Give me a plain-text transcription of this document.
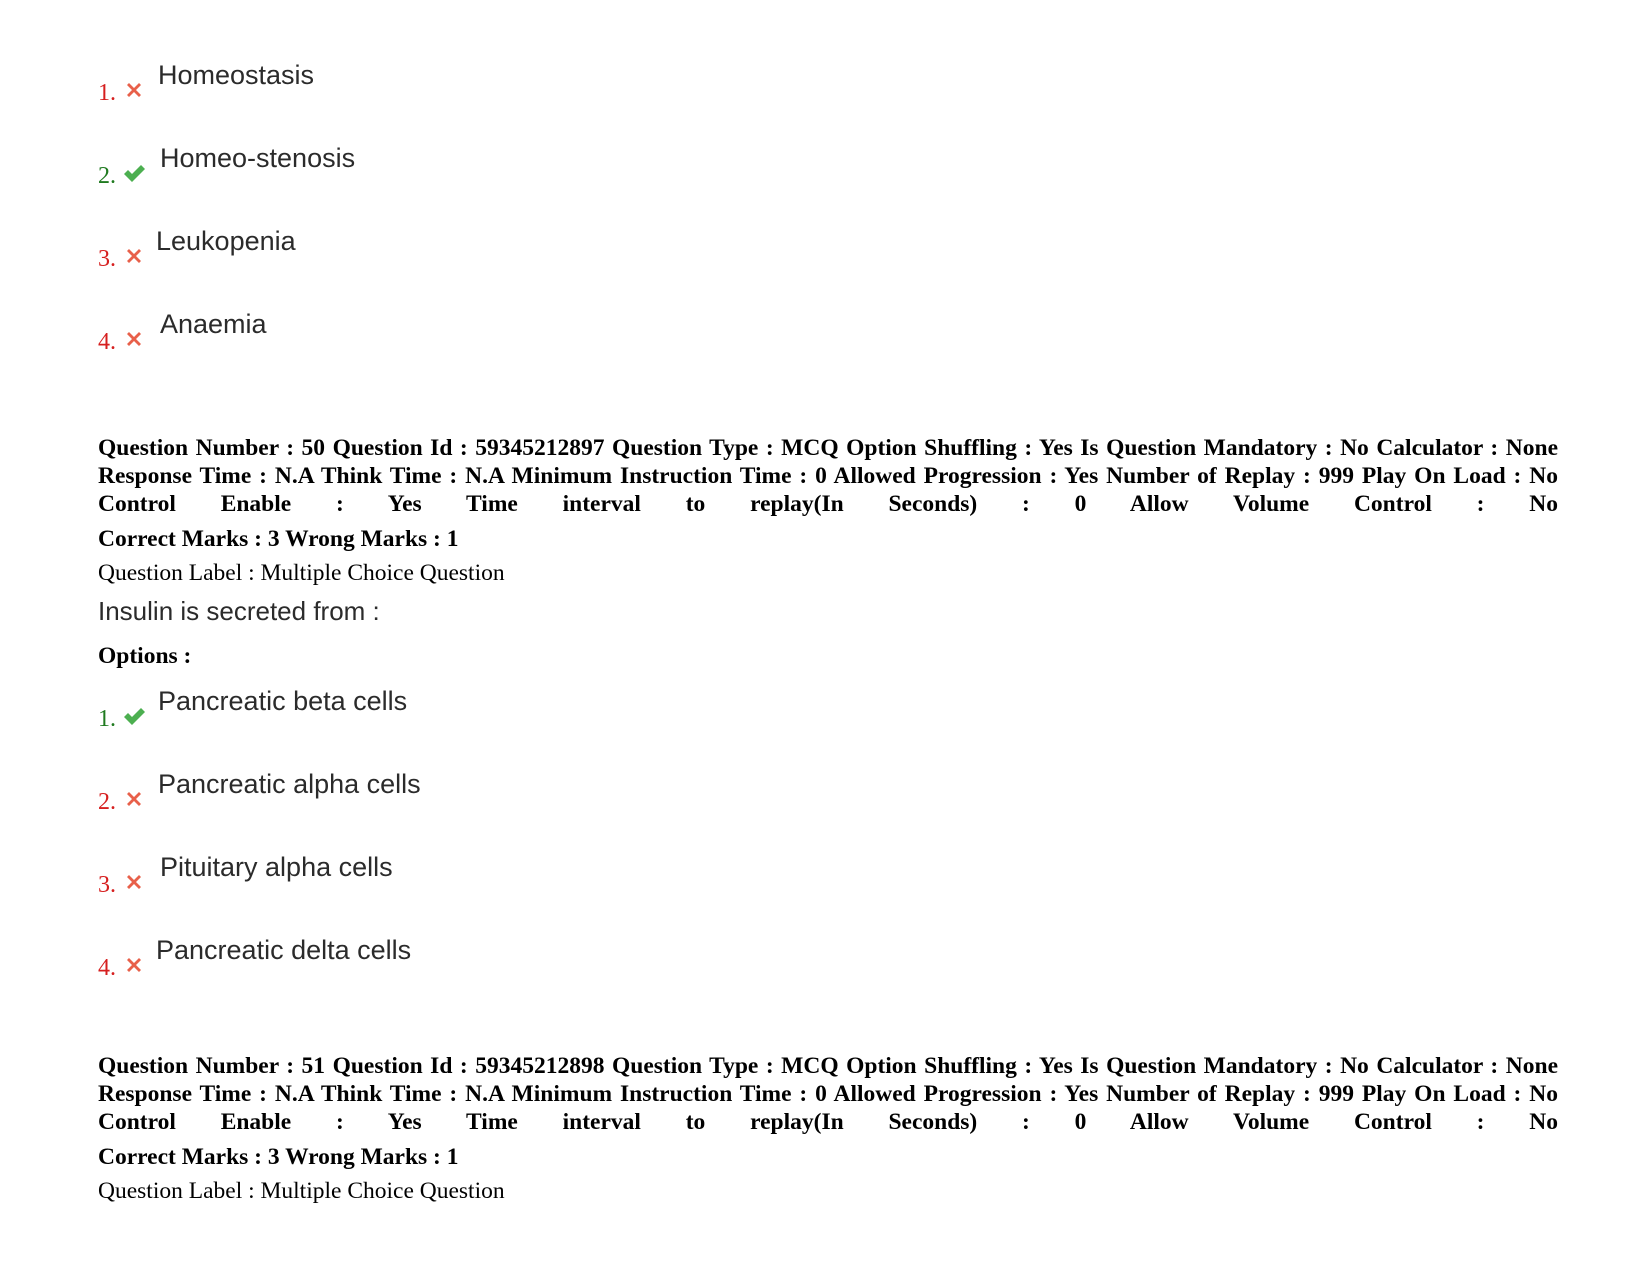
1.
Homeostasis
2.
Homeo-stenosis
3.
Leukopenia
4.
Anaemia
Question Number : 50 Question Id : 59345212897 Question Type : MCQ Option Shuffling : Yes Is Question Mandatory : No Calculator : None Response Time : N.A Think Time : N.A Minimum Instruction Time : 0 Allowed Progression : Yes Number of Replay : 999 Play On Load : No Control Enable : Yes Time interval to replay(In Seconds) : 0 Allow Volume Control : No
Correct Marks : 3 Wrong Marks : 1
Question Label : Multiple Choice Question
Insulin is secreted from :
Options :
1.
Pancreatic beta cells
2.
Pancreatic alpha cells
3.
Pituitary alpha cells
4.
Pancreatic delta cells
Question Number : 51 Question Id : 59345212898 Question Type : MCQ Option Shuffling : Yes Is Question Mandatory : No Calculator : None Response Time : N.A Think Time : N.A Minimum Instruction Time : 0 Allowed Progression : Yes Number of Replay : 999 Play On Load : No Control Enable : Yes Time interval to replay(In Seconds) : 0 Allow Volume Control : No
Correct Marks : 3 Wrong Marks : 1
Question Label : Multiple Choice Question
